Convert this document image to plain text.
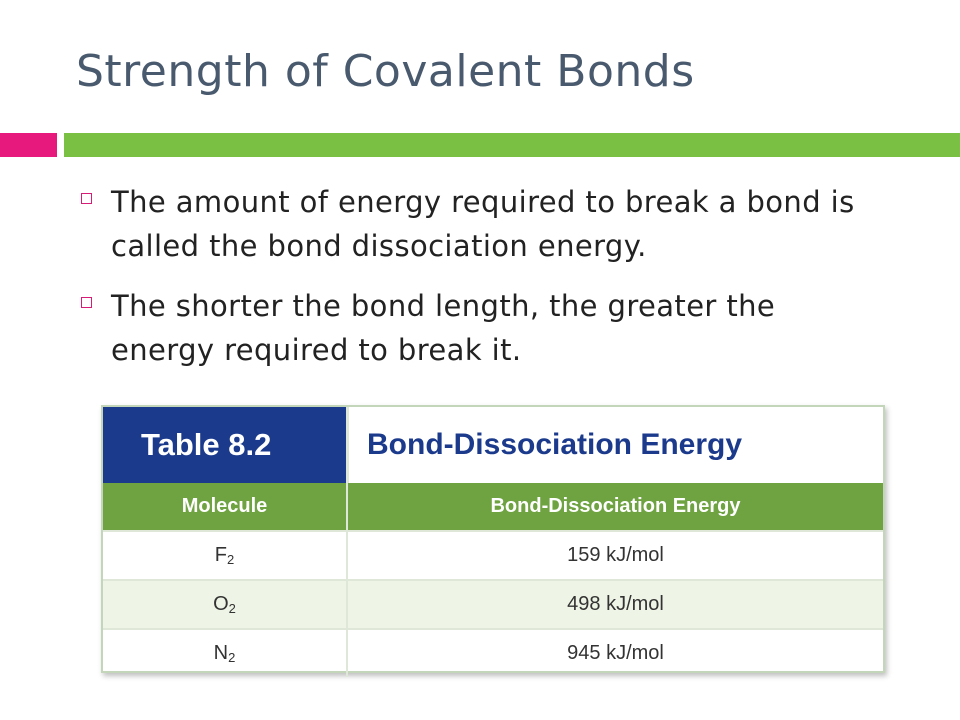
Strength of Covalent Bonds
The amount of energy required to break a bond is called the bond dissociation energy.
The shorter the bond length, the greater the energy required to break it.
Table 8.2	Bond-Dissociation Energy
Molecule	Bond-Dissociation Energy
$F_2$	159 kJ/mol
$O_2$	498 kJ/mol
$N_2$	945 kJ/mol
